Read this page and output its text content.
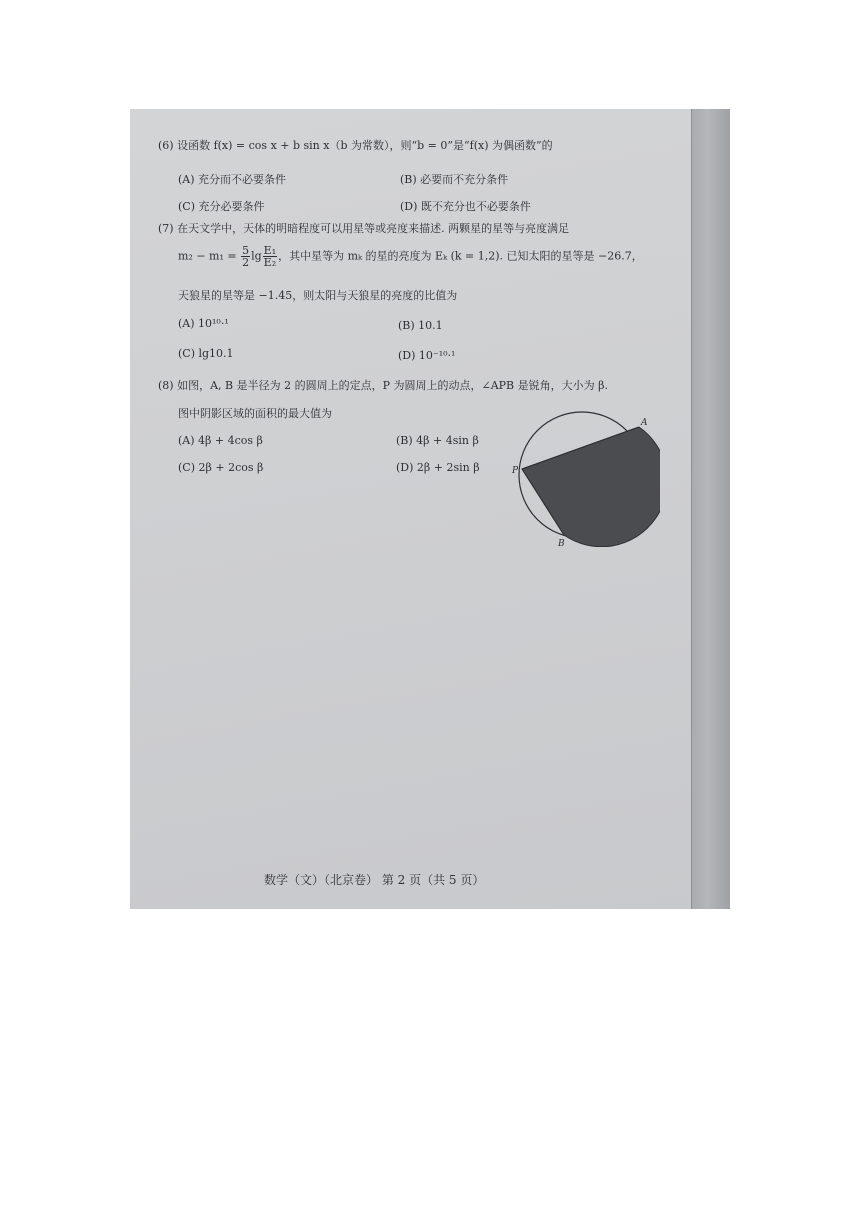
(6) 设函数 f(x) = cos x + b sin x（b 为常数），则“b = 0”是“f(x) 为偶函数”的
(A) 充分而不必要条件	(B) 必要而不充分条件
(C) 充分必要条件	(D) 既不充分也不必要条件
(7) 在天文学中，天体的明暗程度可以用星等或亮度来描述. 两颗星的星等与亮度满足
$m_2 - m_1 = \frac{5}{2}$ $\lg \frac{\text{E₁}}{\text{E₂}}$ ，其中星等为 mₖ 的星的亮度为 Eₖ (k = 1,2). 已知太阳的星等是 −26.7，
天狼星的星等是 −1.45，则太阳与天狼星的亮度的比值为
(A) 10¹⁰·¹	(B) 10.1
(C) lg10.1	(D) 10⁻¹⁰·¹
(8) 如图，A, B 是半径为 2 的圆周上的定点，P 为圆周上的动点，∠APB 是锐角，大小为 β.
图中阴影区域的面积的最大值为
(A) 4β + 4cos β	(B) 4β + 4sin β
(C) 2β + 2cos β	(D) 2β + 2sin β
A
P
B
数学（文）（北京卷） 第 2 页（共 5 页）
